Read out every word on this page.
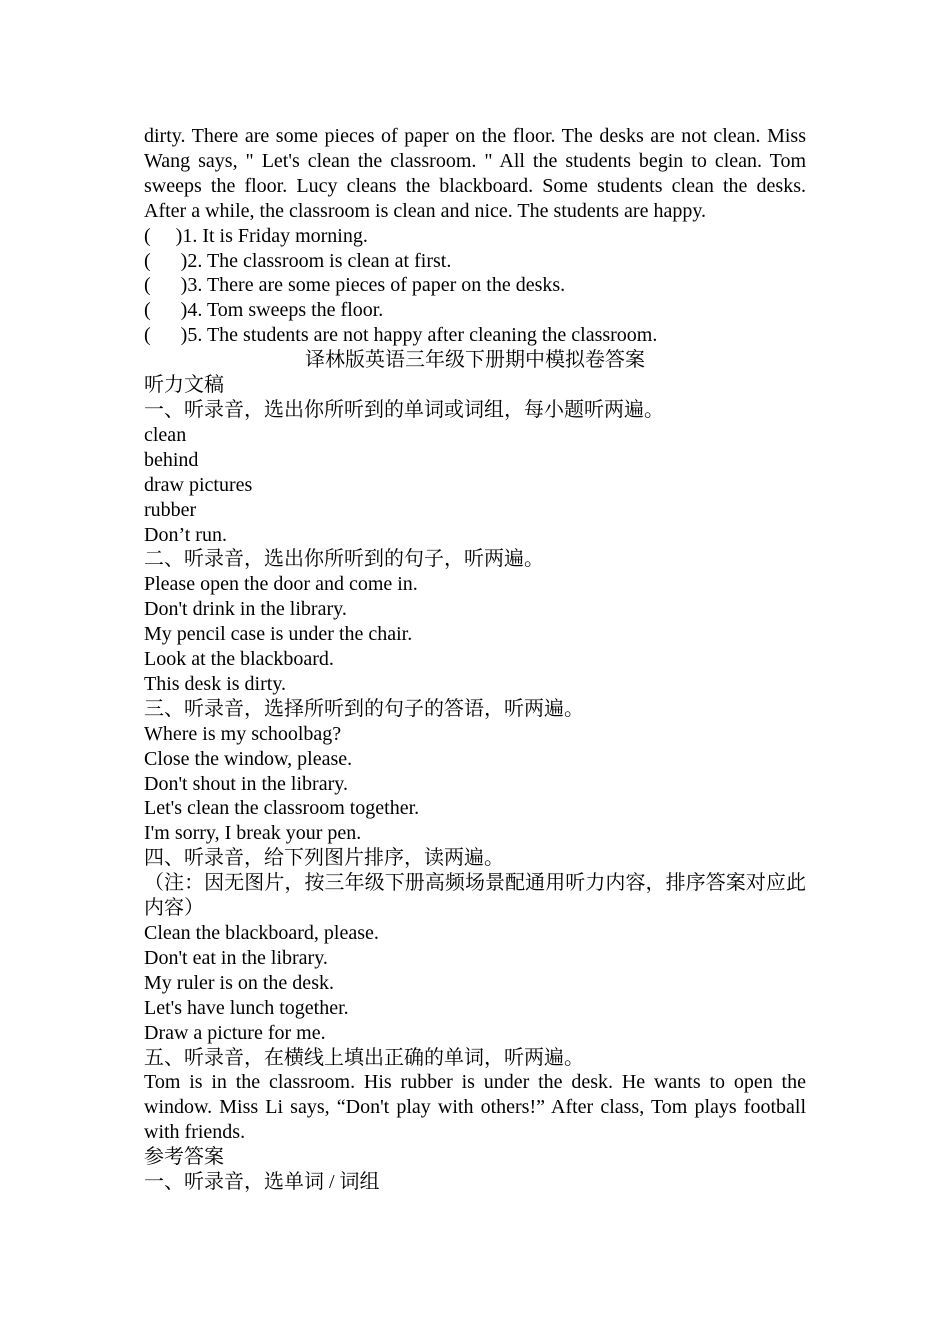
dirty. There are some pieces of paper on the floor. The desks are not clean. Miss Wang says, " Let's clean the classroom. " All the students begin to clean. Tom sweeps the floor. Lucy cleans the blackboard. Some students clean the desks. After a while, the classroom is clean and nice. The students are happy.
(     )1. It is Friday morning.
(      )2. The classroom is clean at first.
(      )3. There are some pieces of paper on the desks.
(      )4. Tom sweeps the floor.
(      )5. The students are not happy after cleaning the classroom.
译林版英语三年级下册期中模拟卷答案
听力文稿
一、听录音，选出你所听到的单词或词组，每小题听两遍。
clean
behind
draw pictures
rubber
Don’t run.
二、听录音，选出你所听到的句子，听两遍。
Please open the door and come in.
Don't drink in the library.
My pencil case is under the chair.
Look at the blackboard.
This desk is dirty.
三、听录音，选择所听到的句子的答语，听两遍。
Where is my schoolbag?
Close the window, please.
Don't shout in the library.
Let's clean the classroom together.
I'm sorry, I break your pen.
四、听录音，给下列图片排序，读两遍。
（注：因无图片，按三年级下册高频场景配通用听力内容，排序答案对应此内容）
Clean the blackboard, please.
Don't eat in the library.
My ruler is on the desk.
Let's have lunch together.
Draw a picture for me.
五、听录音，在横线上填出正确的单词，听两遍。
Tom is in the classroom. His rubber is under the desk. He wants to open the window. Miss Li says, “Don't play with others!” After class, Tom plays football with friends.
参考答案
一、听录音，选单词 / 词组
